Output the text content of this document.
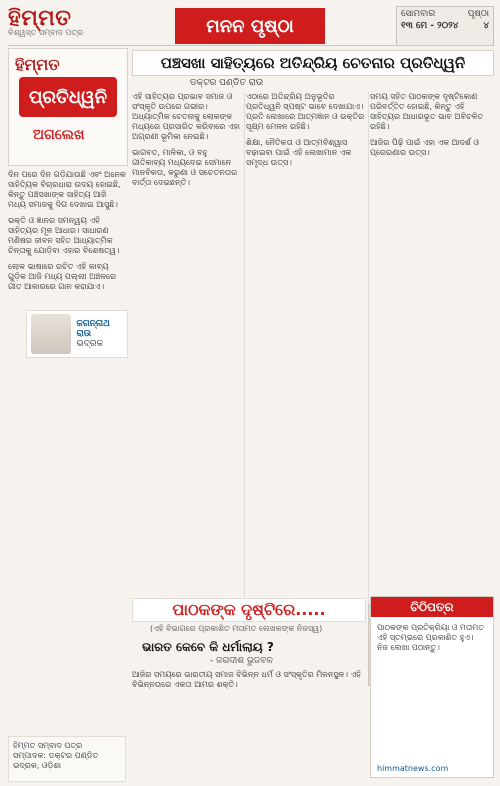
ହିମ୍ମତ
ବିଶ୍ୱସ୍ତ ସମ୍ବାଦ ପତ୍ର	ମନନ ପୃଷ୍ଠା
ସୋମବାର	ପୃଷ୍ଠା
୧୩ ମେ - ୨୦୨୪	୪
ହିମ୍ମତ
ପ୍ରତିଧ୍ୱନି
ଅଗଲେଖ
ପଞ୍ଚସଖା ସାହିତ୍ୟରେ ଅତିନ୍ଦ୍ରିୟ ଚେତନାର ପ୍ରତିଧ୍ୱନି
ଡକ୍ଟର ପଣ୍ଡିତ ରାଉ

ଦିନ ପରେ ଦିନ ଗଡ଼ିଯାଉଛି ଏବଂ ଅନେକ ସାହିତ୍ୟିକ ବିଚାରଧାରା ଉଦୟ ହୋଇଛି, କିନ୍ତୁ ପଞ୍ଚସଖାଙ୍କ ସାହିତ୍ୟ ଆଜି ମଧ୍ୟ ସମାଜକୁ ଦିଗ ଦେଖାଇ ଆସୁଛି।

ଭକ୍ତି ଓ ଜ୍ଞାନର ସମନ୍ୱୟ ଏହି ସାହିତ୍ୟର ମୂଳ ଆଧାର। ସାଧାରଣ ମଣିଷର ଜୀବନ ସହିତ ଆଧ୍ୟାତ୍ମିକ ଚିନ୍ତାକୁ ଯୋଡ଼ିବା ଏହାର ବିଶେଷତ୍ୱ।

ଲୋକ ଭାଷାରେ ରଚିତ ଏହି କାବ୍ୟ ଗୁଡ଼ିକ ଆଜି ମଧ୍ୟ ପଲ୍ଲୀ ଅଞ୍ଚଳରେ ଗୀତ ଆକାରରେ ଗାନ କରାଯାଏ।

ଜଗନ୍ନାଥ ରାଉ
ଭଦ୍ରକ

ଏହି ସାହିତ୍ୟର ପ୍ରଭାବ ସମାଜ ଓ ସଂସ୍କୃତି ଉପରେ ଗଭୀର। ଅଧ୍ୟାତ୍ମିକ ଚେତନାକୁ ଲୋକଙ୍କ ମଧ୍ୟରେ ପ୍ରସାରିତ କରିବାରେ ଏହା ଅଗ୍ରଣୀ ଭୂମିକା ନେଇଛି।

ଭାଗବତ, ମାଳିକା, ଓ ବହୁ ଗୀତିକାବ୍ୟ ମଧ୍ୟଦେଇ ସେମାନେ ମାନବିକତା, କରୁଣା ଓ ସଚେତନତାର ବାର୍ତ୍ତା ଦେଇଛନ୍ତି।

ଏଠାରେ ଅତିନ୍ଦ୍ରିୟ ଅନୁଭୂତିର ପ୍ରତିଧ୍ୱନି ସ୍ପଷ୍ଟ ଭାବେ ଦେଖାଯାଏ। ପ୍ରତି ଲେଖାରେ ଆତ୍ମଜ୍ଞାନ ଓ ଭକ୍ତିର ସୂକ୍ଷ୍ମ ମେଳନ ରହିଛି।

ଶିକ୍ଷା, ନୈତିକତା ଓ ଆତ୍ମବିଶ୍ୱାସ ବଢ଼ାଇବା ପାଇଁ ଏହି ଲେଖାମାନ ଏକ ସମୃଦ୍ଧ ଉତ୍ସ।

ସମୟ ସହିତ ପାଠକଙ୍କ ଦୃଷ୍ଟିକୋଣ ପରିବର୍ତ୍ତିତ ହୋଇଛି, କିନ୍ତୁ ଏହି ସାହିତ୍ୟର ଆଧାରଭୂତ ଭାବ ଅବିଚଳିତ ରହିଛି।

ଆଜିର ପିଢ଼ି ପାଇଁ ଏହା ଏକ ଆଦର୍ଶ ଓ ପ୍ରେରଣାର ଉତ୍ସ।

ପାଠକଙ୍କ ଦୃଷ୍ଟିରେ.....
(ଏହି ବିଭାଗରେ ପ୍ରକାଶିତ ମତାମତ ଲେଖକଙ୍କ ନିଜସ୍ୱ)
ଭାରତ କେବେ କି ଧର୍ମାଲାୟ ?
- ଜଗଦୀଶ ଭୁଜବଳ

ଆଜିର ସମୟରେ ଭାରତୀୟ ସମାଜ ବିଭିନ୍ନ ଧର୍ମ ଓ ସଂସ୍କୃତିର ମିଳନସ୍ଥଳ। ଏହି ବିଭିନ୍ନତାରେ ଏକତା ଆମର ଶକ୍ତି।

ଚିଠିପତ୍ର
ପାଠକଙ୍କ ପ୍ରତିକ୍ରିୟା ଓ ମତାମତ ଏହି ସ୍ତମ୍ଭରେ ପ୍ରକାଶିତ ହୁଏ। ନିଜ ଲେଖା ପଠାନ୍ତୁ।
himmatnews.com
ହିମ୍ମତ ସମ୍ବାଦ ପତ୍ର
ସମ୍ପାଦକ: ଡକ୍ଟର ପଣ୍ଡିତ
ଭଦ୍ରକ, ଓଡ଼ିଶା
